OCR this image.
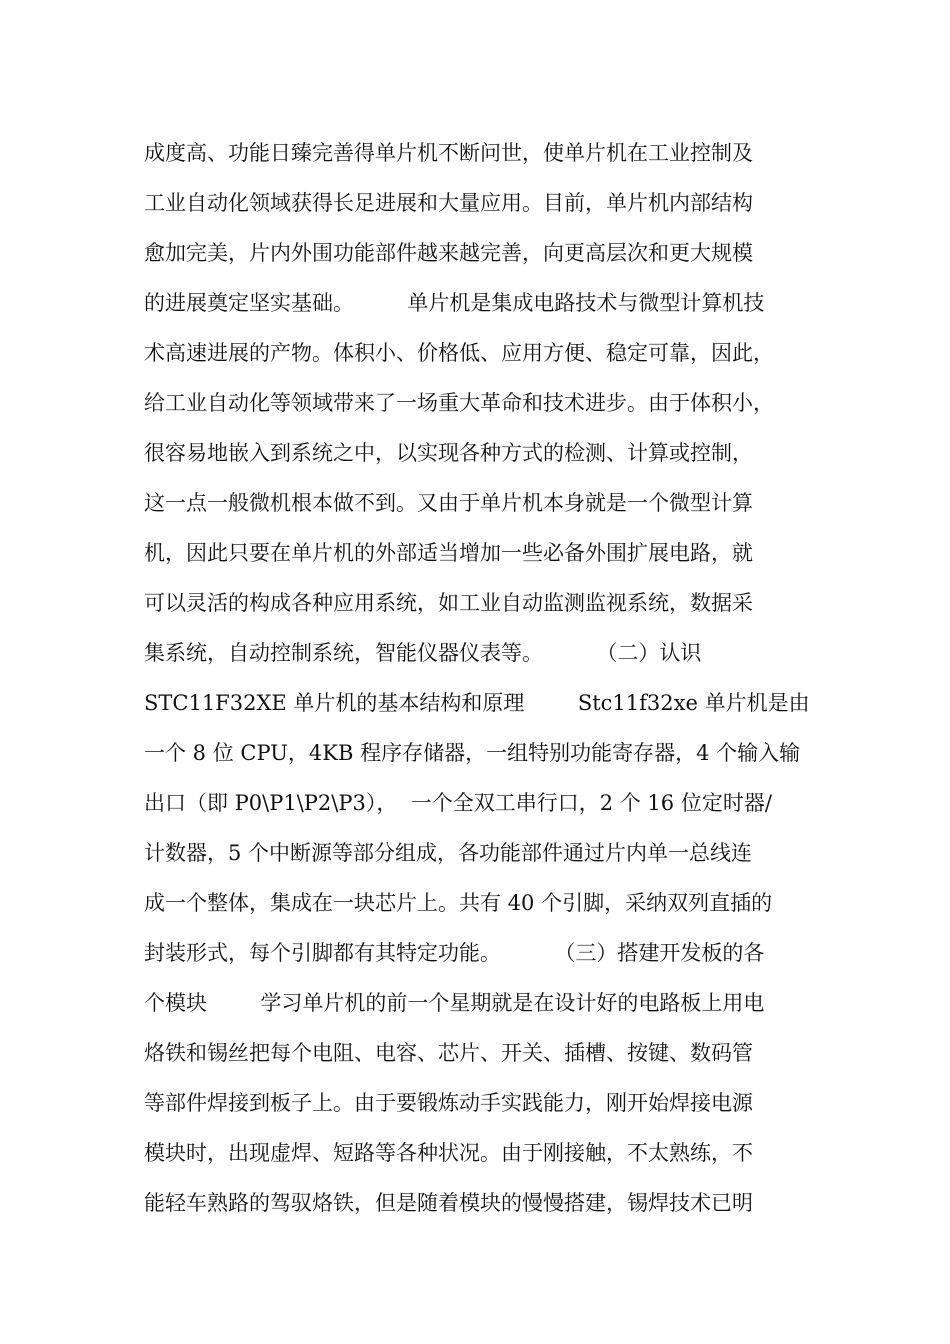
成度高、功能日臻完善得单片机不断问世，使单片机在工业控制及
工业自动化领域获得长足进展和大量应用。目前，单片机内部结构
愈加完美，片内外围功能部件越来越完善，向更高层次和更大规模
的进展奠定坚实基础。        单片机是集成电路技术与微型计算机技
术高速进展的产物。体积小、价格低、应用方便、稳定可靠，因此，
给工业自动化等领域带来了一场重大革命和技术进步。由于体积小，
很容易地嵌入到系统之中，以实现各种方式的检测、计算或控制，
这一点一般微机根本做不到。又由于单片机本身就是一个微型计算
机，因此只要在单片机的外部适当增加一些必备外围扩展电路，就
可以灵活的构成各种应用系统，如工业自动监测监视系统，数据采
集系统，自动控制系统，智能仪器仪表等。        （二）认识
STC11F32XE 单片机的基本结构和原理        Stc11f32xe 单片机是由
一个 8 位 CPU，4KB 程序存储器，一组特别功能寄存器，4 个输入输
出口（即 P0\P1\P2\P3），  一个全双工串行口，2 个 16 位定时器/
计数器，5 个中断源等部分组成，各功能部件通过片内单一总线连
成一个整体，集成在一块芯片上。共有 40 个引脚，采纳双列直插的
封装形式，每个引脚都有其特定功能。        （三）搭建开发板的各
个模块        学习单片机的前一个星期就是在设计好的电路板上用电
烙铁和锡丝把每个电阻、电容、芯片、开关、插槽、按键、数码管
等部件焊接到板子上。由于要锻炼动手实践能力，刚开始焊接电源
模块时，出现虚焊、短路等各种状况。由于刚接触，不太熟练，不
能轻车熟路的驾驭烙铁，但是随着模块的慢慢搭建，锡焊技术已明
